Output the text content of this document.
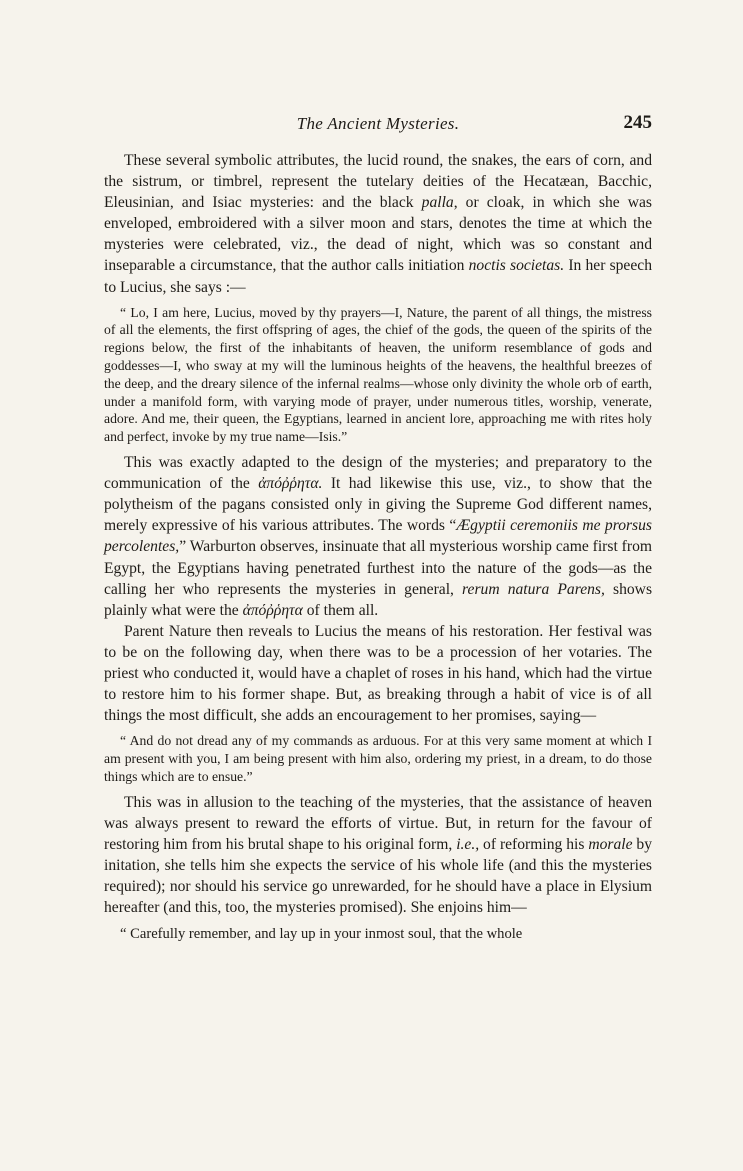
The Ancient Mysteries.	245

These several symbolic attributes, the lucid round, the snakes, the ears of corn, and the sistrum, or timbrel, represent the tutelary deities of the Hecatæan, Bacchic, Eleusinian, and Isiac mysteries: and the black palla, or cloak, in which she was enveloped, embroidered with a silver moon and stars, denotes the time at which the mysteries were celebrated, viz., the dead of night, which was so constant and inseparable a circumstance, that the author calls initiation noctis societas. In her speech to Lucius, she says :—

“ Lo, I am here, Lucius, moved by thy prayers—I, Nature, the parent of all things, the mistress of all the elements, the first offspring of ages, the chief of the gods, the queen of the spirits of the regions below, the first of the inhabitants of heaven, the uniform resemblance of gods and goddesses—I, who sway at my will the luminous heights of the heavens, the healthful breezes of the deep, and the dreary silence of the infernal realms—whose only divinity the whole orb of earth, under a manifold form, with varying mode of prayer, under numerous titles, worship, venerate, adore. And me, their queen, the Egyptians, learned in ancient lore, approaching me with rites holy and perfect, invoke by my true name—Isis.”

This was exactly adapted to the design of the mysteries; and preparatory to the communication of the ἀπόῤῥητα. It had likewise this use, viz., to show that the polytheism of the pagans consisted only in giving the Supreme God different names, merely expressive of his various attributes. The words “Ægyptii ceremoniis me prorsus percolentes,” Warburton observes, insinuate that all mysterious worship came first from Egypt, the Egyptians having penetrated furthest into the nature of the gods—as the calling her who represents the mysteries in general, rerum natura Parens, shows plainly what were the ἀπόῤῥητα of them all.

Parent Nature then reveals to Lucius the means of his restoration. Her festival was to be on the following day, when there was to be a procession of her votaries. The priest who conducted it, would have a chaplet of roses in his hand, which had the virtue to restore him to his former shape. But, as breaking through a habit of vice is of all things the most difficult, she adds an encouragement to her promises, saying—

“ And do not dread any of my commands as arduous. For at this very same moment at which I am present with you, I am being present with him also, ordering my priest, in a dream, to do those things which are to ensue.”

This was in allusion to the teaching of the mysteries, that the assistance of heaven was always present to reward the efforts of virtue. But, in return for the favour of restoring him from his brutal shape to his original form, i.e., of reforming his morale by initation, she tells him she expects the service of his whole life (and this the mysteries required); nor should his service go unrewarded, for he should have a place in Elysium hereafter (and this, too, the mysteries promised). She enjoins him—

“ Carefully remember, and lay up in your inmost soul, that the whole
